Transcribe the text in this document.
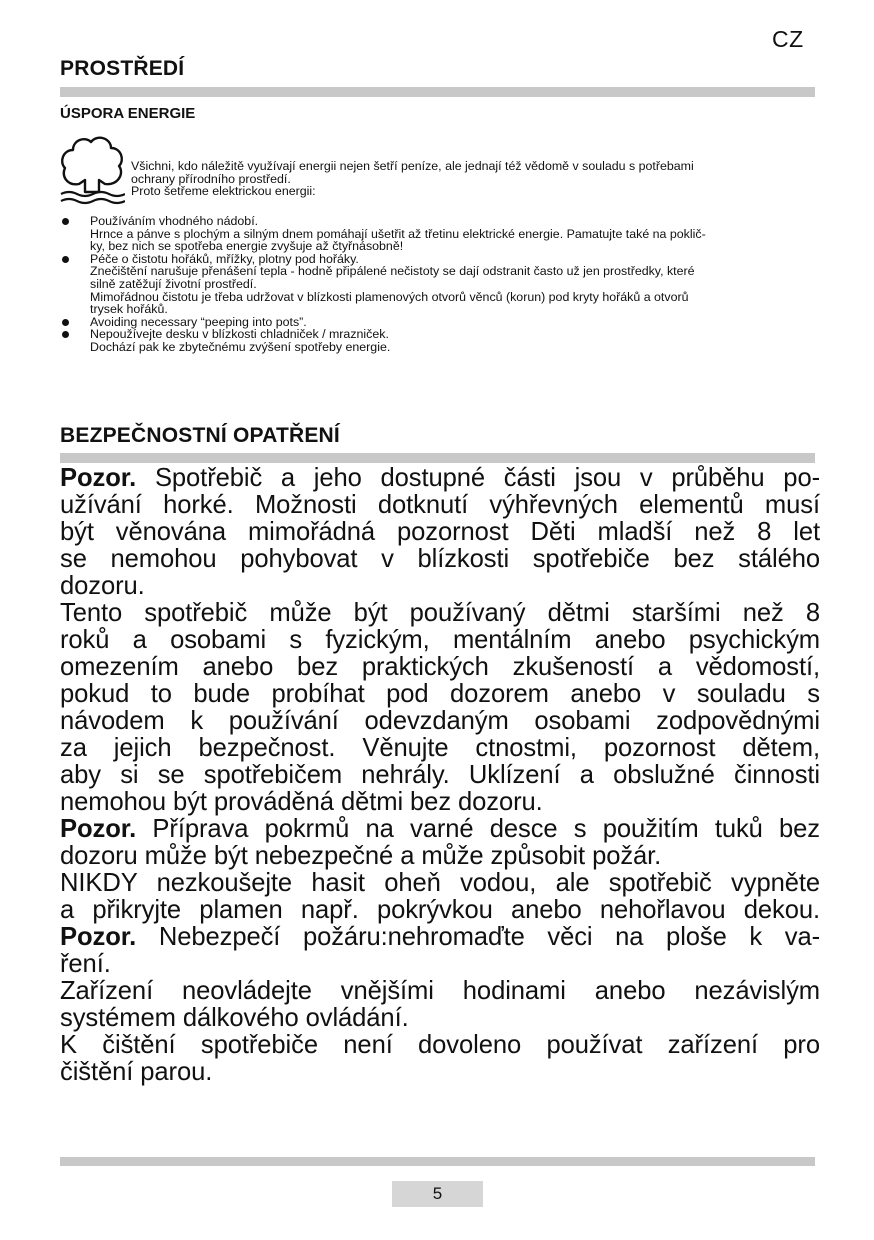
CZ
PROSTŘEDÍ
ÚSPORA ENERGIE
Všichni, kdo náležitě využívají energii nejen šetří peníze, ale jednají též vědomě v souladu s potřebami
ochrany přírodního prostředí.
Proto šetřeme elektrickou energii:
Používáním vhodného nádobí.
Hrnce a pánve s plochým a silným dnem pomáhají ušetřit až třetinu elektrické energie. Pamatujte také na poklič-
ky, bez nich se spotřeba energie zvyšuje až čtyřnásobně!
Péče o čistotu hořáků, mřížky, plotny pod hořáky.
Znečištění narušuje přenášení tepla - hodně připálené nečistoty se dají odstranit často už jen prostředky, které
silně zatěžují životní prostředí.
Mimořádnou čistotu je třeba udržovat v blízkosti plamenových otvorů věnců (korun) pod kryty hořáků a otvorů
trysek hořáků.
Avoiding necessary “peeping into pots”.
Nepoužívejte desku v blízkosti chladniček / mrazniček.
Dochází pak ke zbytečnému zvýšení spotřeby energie.
BEZPEČNOSTNÍ OPATŘENÍ
Pozor. Spotřebič a jeho dostupné části jsou v průběhu po-
užívání horké. Možnosti dotknutí výhřevných elementů musí
být věnována mimořádná pozornost Děti mladší než 8 let
se nemohou pohybovat v blízkosti spotřebiče bez stálého
dozoru.
Tento spotřebič může být používaný dětmi staršími než 8
roků a osobami s fyzickým, mentálním anebo psychickým
omezením anebo bez praktických zkušeností a vědomostí,
pokud to bude probíhat pod dozorem anebo v souladu s
návodem k používání odevzdaným osobami zodpovědnými
za jejich bezpečnost. Věnujte ctnostmi, pozornost dětem,
aby si se spotřebičem nehrály. Uklízení a obslužné činnosti
nemohou být prováděná dětmi bez dozoru.
Pozor. Příprava pokrmů na varné desce s použitím tuků bez
dozoru může být nebezpečné a může způsobit požár.
NIKDY nezkoušejte hasit oheň vodou, ale spotřebič vypněte
a přikryjte plamen např. pokrývkou anebo nehořlavou dekou.
Pozor. Nebezpečí požáru:nehromaďte věci na ploše k va-
ření.
Zařízení neovládejte vnějšími hodinami anebo nezávislým
systémem dálkového ovládání.
K čištění spotřebiče není dovoleno používat zařízení pro
čištění parou.
5
